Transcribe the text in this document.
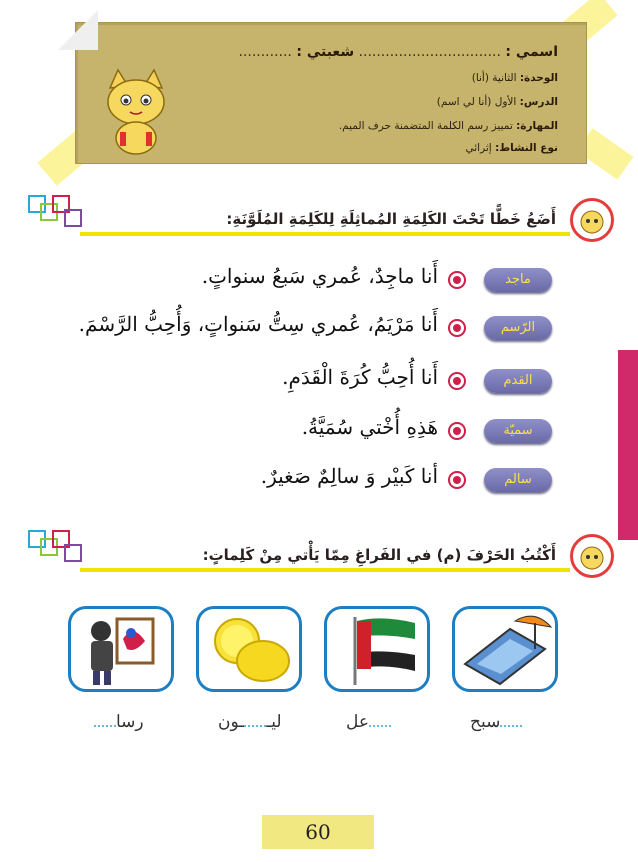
اسمي : ................................ شعبتي : ............
الوحدة: الثانية (أنا)
الدرس: الأول (أنا لي اسم)
المهارة: تمييز رسم الكلمة المتضمنة حرف الميم.
نوع النشاط: إثرائي
أَضَعُ خَطًّا تَحْتَ الكَلِمَةِ المُماثِلَةِ لِلكَلِمَةِ المُلَوَّنَةِ:
ماجد
أَنا ماجِدٌ، عُمري سَبعُ سنواتٍ.
الرّسم
أَنا مَرْيَمُ، عُمري سِتُّ سَنواتٍ، وَأُحِبُّ الرَّسْمَ.
القدم
أَنا أُحِبُّ كُرَةَ الْقَدَمِ.
سميّة
هَذِهِ أُخْتي سُمَيَّةُ.
سالم
أنا كَبيْر وَ سالِمٌ صَغيرٌ.
أَكْتُبُ الحَرْفَ (م) في الفَراغِ مِمّا يَأْتي مِنْ كَلِماتٍ:
سبح
عل
ليــون
رسا
60
